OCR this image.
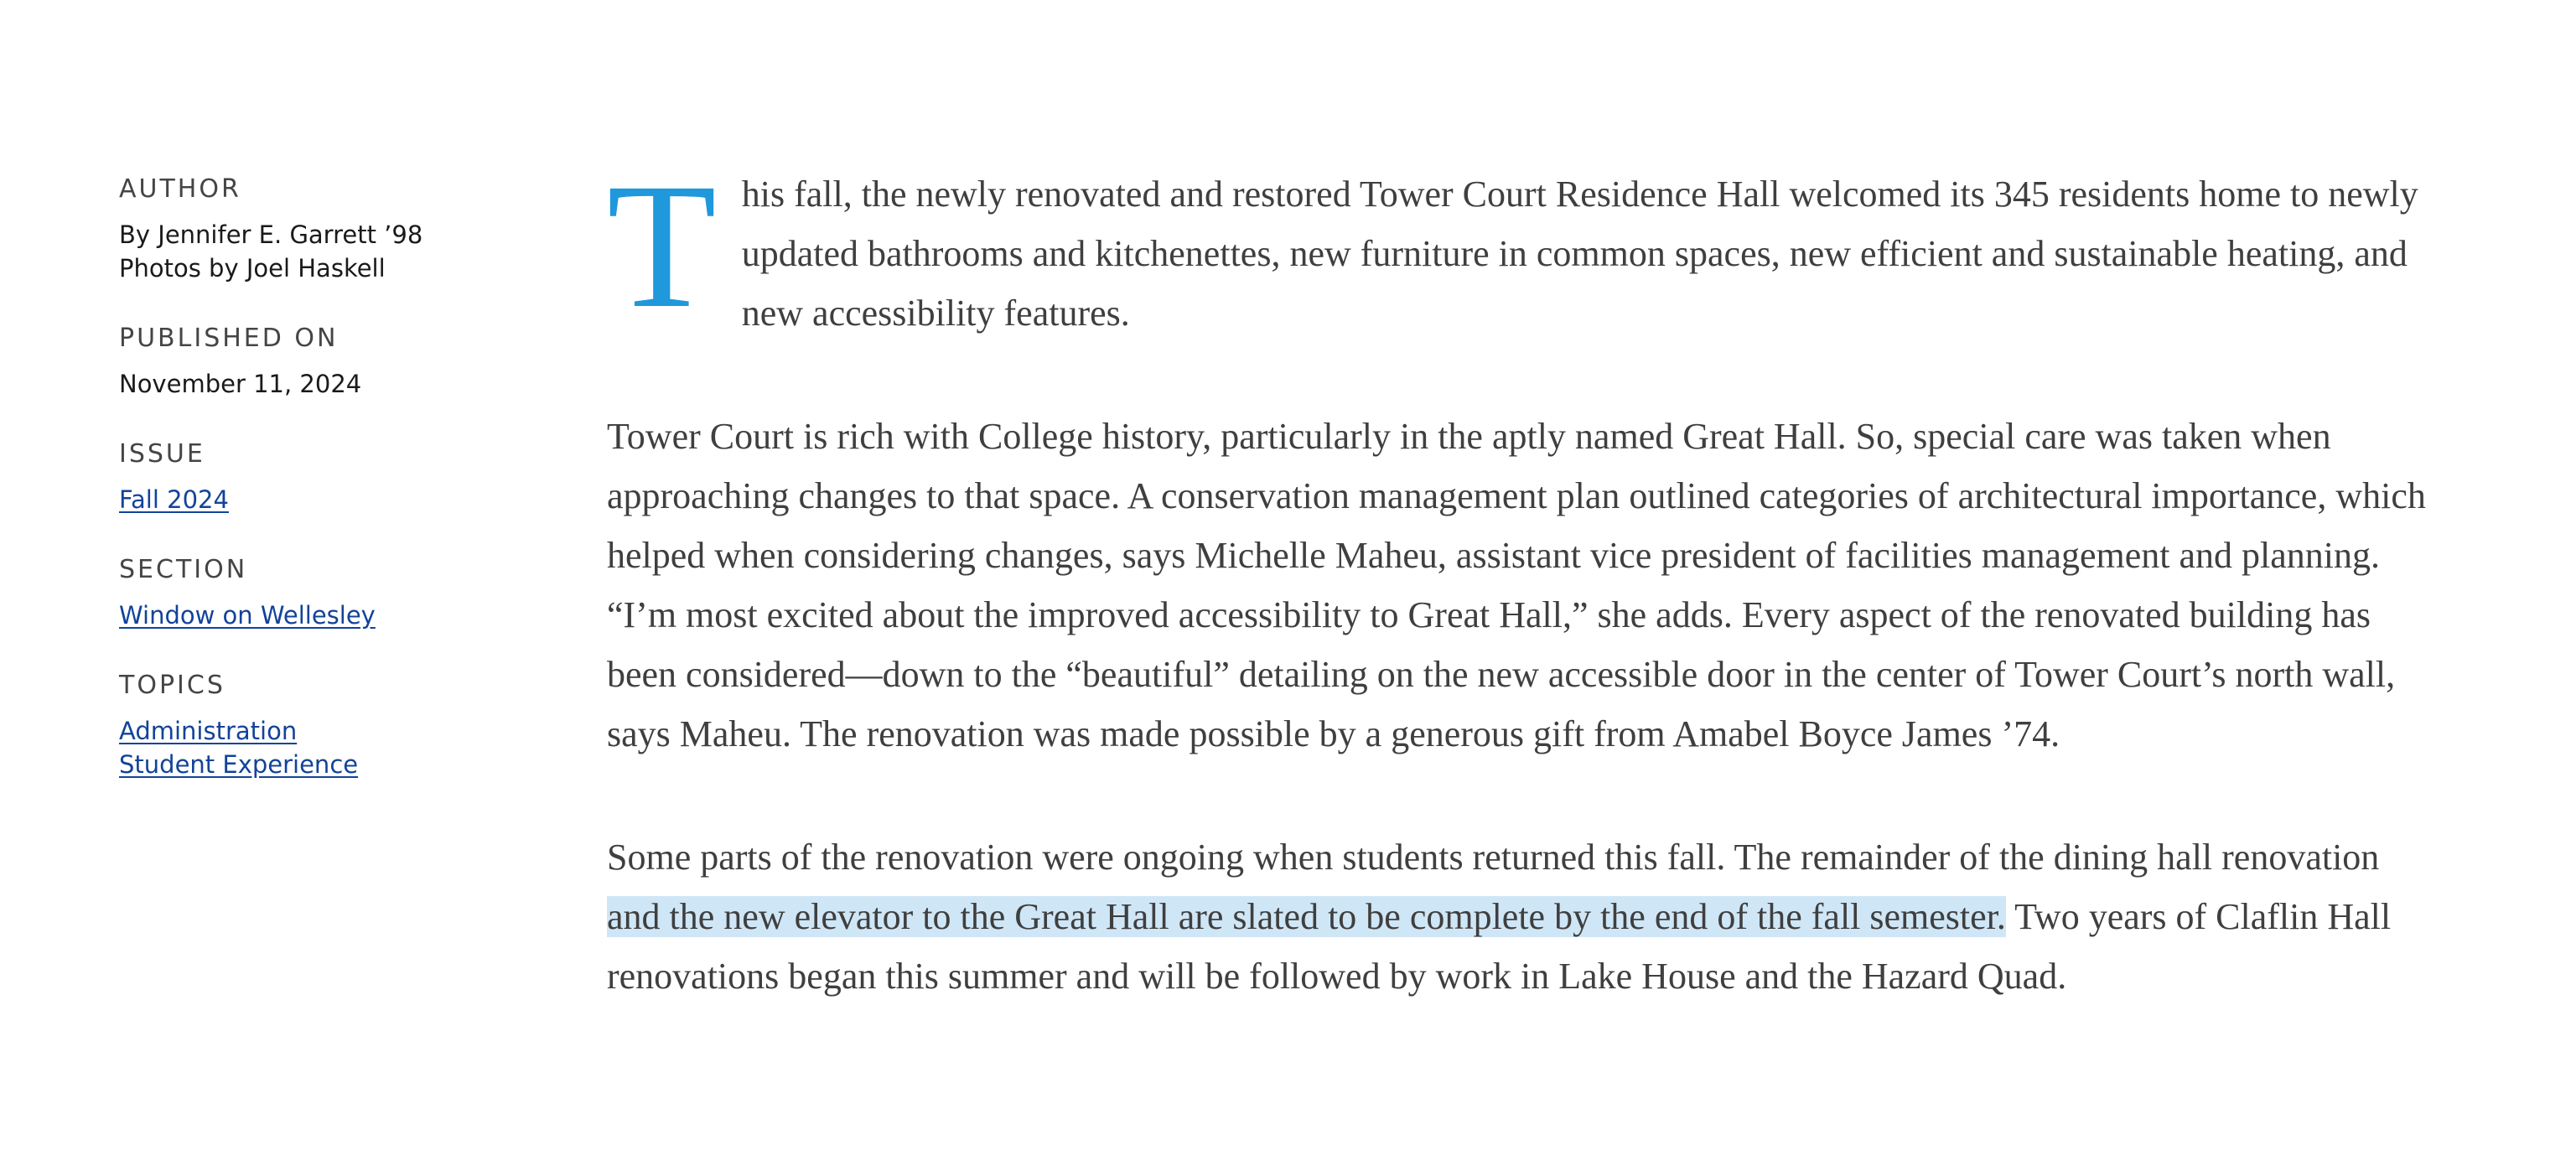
AUTHOR
By Jennifer E. Garrett ’98
Photos by Joel Haskell
PUBLISHED ON
November 11, 2024
ISSUE
Fall 2024
SECTION
Window on Wellesley
TOPICS
Administration
Student Experience

This fall, the newly renovated and restored Tower Court Residence Hall welcomed its 345 residents home to newly updated bathrooms and kitchenettes, new furniture in common spaces, new efficient and sustainable heating, and new accessibility features.

Tower Court is rich with College history, particularly in the aptly named Great Hall. So, special care was taken when approaching changes to that space. A conservation management plan outlined categories of architectural importance, which helped when considering changes, says Michelle Maheu, assistant vice president of facilities management and planning. “I’m most excited about the improved accessibility to Great Hall,” she adds. Every aspect of the renovated building has been considered—down to the “beautiful” detailing on the new accessible door in the center of Tower Court’s north wall, says Maheu. The renovation was made possible by a generous gift from Amabel Boyce James ’74.

Some parts of the renovation were ongoing when students returned this fall. The remainder of the dining hall renovation and the new elevator to the Great Hall are slated to be complete by the end of the fall semester. Two years of Claflin Hall renovations began this summer and will be followed by work in Lake House and the Hazard Quad.
